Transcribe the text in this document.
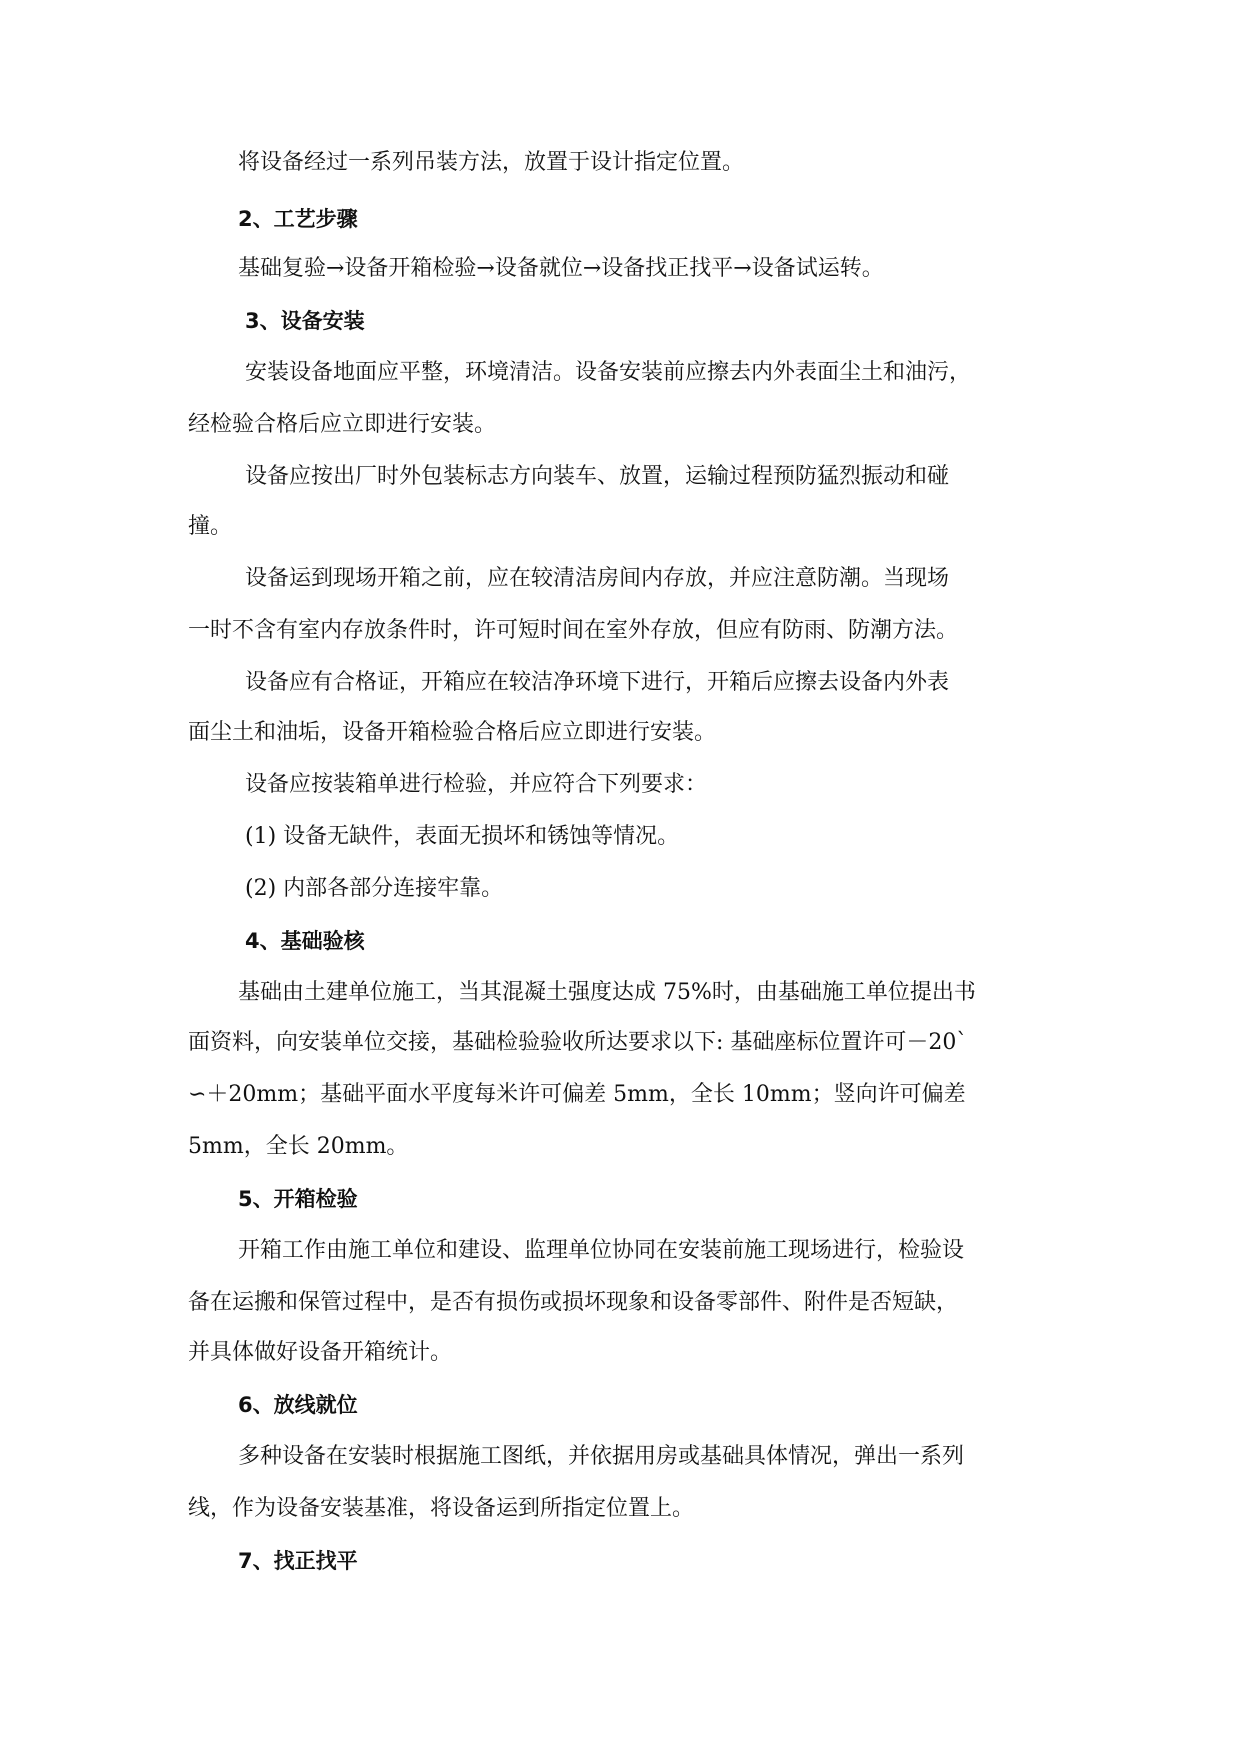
将设备经过一系列吊装方法，放置于设计指定位置。

2、工艺步骤

基础复验→设备开箱检验→设备就位→设备找正找平→设备试运转。

3、设备安装

安装设备地面应平整，环境清洁。设备安装前应擦去内外表面尘土和油污，

经检验合格后应立即进行安装。

设备应按出厂时外包装标志方向装车、放置，运输过程预防猛烈振动和碰

撞。

设备运到现场开箱之前，应在较清洁房间内存放，并应注意防潮。当现场

一时不含有室内存放条件时，许可短时间在室外存放，但应有防雨、防潮方法。

设备应有合格证，开箱应在较洁净环境下进行，开箱后应擦去设备内外表

面尘土和油垢，设备开箱检验合格后应立即进行安装。

设备应按装箱单进行检验，并应符合下列要求：

(1) 设备无缺件，表面无损坏和锈蚀等情况。

(2) 内部各部分连接牢靠。

4、基础验核

基础由土建单位施工，当其混凝土强度达成 75%时，由基础施工单位提出书

面资料，向安装单位交接，基础检验验收所达要求以下: 基础座标位置许可－20`

∽＋20mm；基础平面水平度每米许可偏差 5mm，全长 10mm；竖向许可偏差

5mm，全长 20mm。

5、开箱检验

开箱工作由施工单位和建设、监理单位协同在安装前施工现场进行，检验设

备在运搬和保管过程中，是否有损伤或损坏现象和设备零部件、附件是否短缺，

并具体做好设备开箱统计。

6、放线就位

多种设备在安装时根据施工图纸，并依据用房或基础具体情况，弹出一系列

线，作为设备安装基准，将设备运到所指定位置上。

7、找正找平
